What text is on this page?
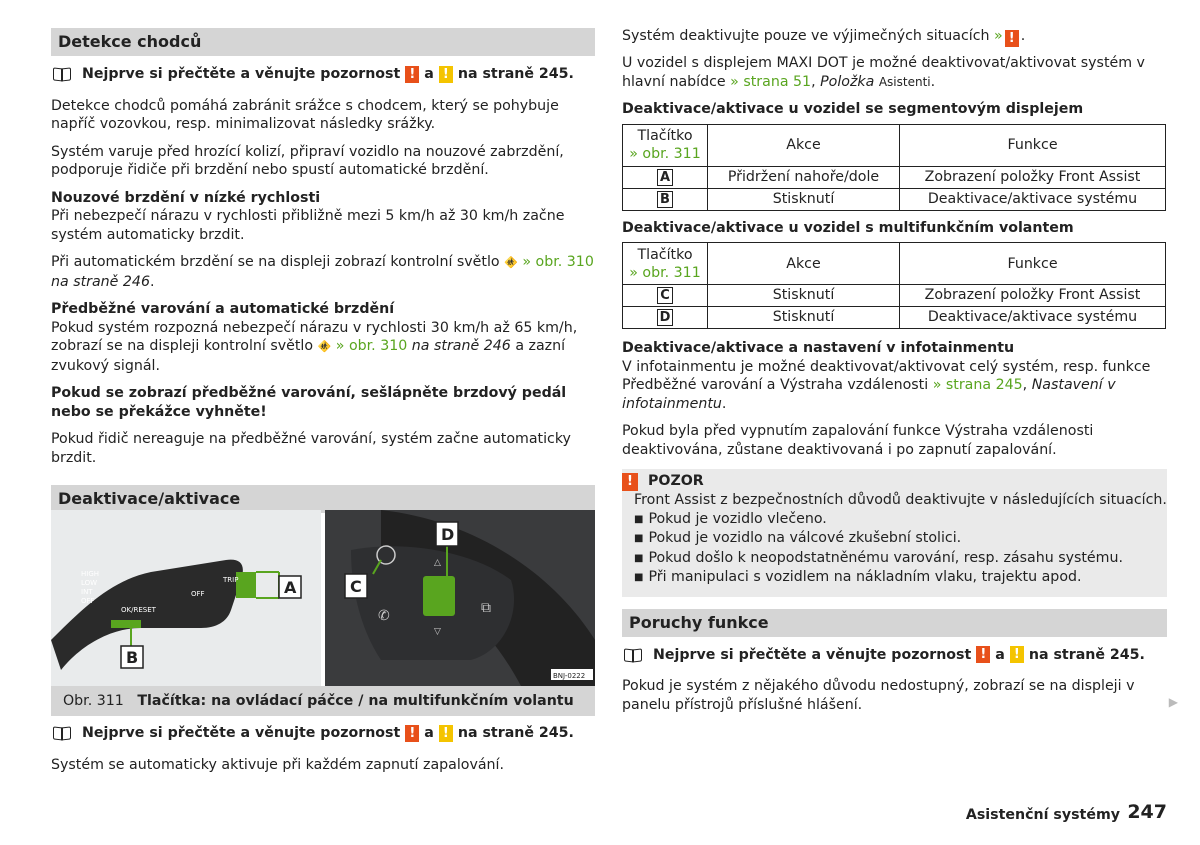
Detekce chodců
Nejprve si přečtěte a věnujte pozornost ! a ! na straně 245.
Detekce chodců pomáhá zabránit srážce s chodcem, který se pohybuje napříč vozovkou, resp. minimalizovat následky srážky.
Systém varuje před hrozící kolizí, připraví vozidlo na nouzové zabrzdění, podporuje řidiče při brzdění nebo spustí automatické brzdění.
Nouzové brzdění v nízké rychlosti
Při nebezpečí nárazu v rychlosti přibližně mezi 5 km/h až 30 km/h začne systém automaticky brzdit.
Při automatickém brzdění se na displeji zobrazí kontrolní světlo 🚸 » obr. 310 na straně 246.
Předběžné varování a automatické brzdění
Pokud systém rozpozná nebezpečí nárazu v rychlosti 30 km/h až 65 km/h, zobrazí se na displeji kontrolní světlo 🚸 » obr. 310 na straně 246 a zazní zvukový signál.
Pokud se zobrazí předběžné varování, sešlápněte brzdový pedál nebo se překážce vyhněte!
Pokud řidič nereaguje na předběžné varování, systém začne automaticky brzdit.
Deaktivace/aktivace
HIGH
LOW
INT
OFF
OFF
OK/RESET
TRIP	A
B
✆
△
▽
⧉
C
D
BNJ-0222
Obr. 311 Tlačítka: na ovládací páčce / na multifunkčním volantu
Nejprve si přečtěte a věnujte pozornost ! a ! na straně 245.
Systém se automaticky aktivuje při každém zapnutí zapalování.
Systém deaktivujte pouze ve výjimečných situacích » ! .
U vozidel s displejem MAXI DOT je možné deaktivovat/aktivovat systém v hlavní nabídce » strana 51, Položka Asistenti.
Deaktivace/aktivace u vozidel se segmentovým displejem
Tlačítko
» obr. 311	Akce	Funkce
A	Přidržení nahoře/dole	Zobrazení položky Front Assist
B	Stisknutí	Deaktivace/aktivace systému
Deaktivace/aktivace u vozidel s multifunkčním volantem
Tlačítko
» obr. 311	Akce	Funkce
C	Stisknutí	Zobrazení položky Front Assist
D	Stisknutí	Deaktivace/aktivace systému
Deaktivace/aktivace a nastavení v infotainmentu
V infotainmentu je možné deaktivovat/aktivovat celý systém, resp. funkce Předběžné varování a Výstraha vzdálenosti » strana 245, Nastavení v infotainmentu.
Pokud byla před vypnutím zapalování funkce Výstraha vzdálenosti deaktivována, zůstane deaktivovaná i po zapnutí zapalování.
!	POZOR
Front Assist z bezpečnostních důvodů deaktivujte v následujících situacích.
■ Pokud je vozidlo vlečeno.
■ Pokud je vozidlo na válcové zkušební stolici.
■ Pokud došlo k neopodstatněnému varování, resp. zásahu systému.
■ Při manipulaci s vozidlem na nákladním vlaku, trajektu apod.
Poruchy funkce
Nejprve si přečtěte a věnujte pozornost ! a ! na straně 245.
Pokud je systém z nějakého důvodu nedostupný, zobrazí se na displeji v panelu přístrojů příslušné hlášení.	▶
Asistenční systémy 247
